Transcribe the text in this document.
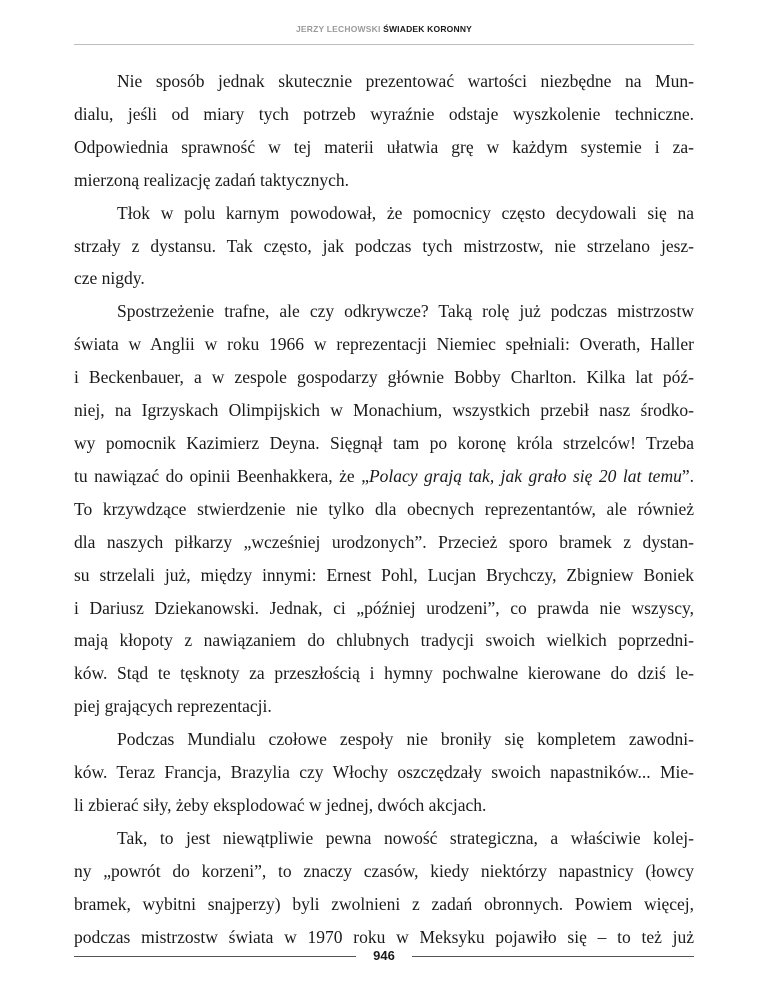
JERZY LECHOWSKI ŚWIADEK KORONNY

Nie sposób jednak skutecznie prezentować wartości niezbędne na Mun-
dialu, jeśli od miary tych potrzeb wyraźnie odstaje wyszkolenie techniczne.
Odpowiednia sprawność w tej materii ułatwia grę w każdym systemie i za-
mierzoną realizację zadań taktycznych.

Tłok w polu karnym powodował, że pomocnicy często decydowali się na
strzały z dystansu. Tak często, jak podczas tych mistrzostw, nie strzelano jesz-
cze nigdy.

Spostrzeżenie trafne, ale czy odkrywcze? Taką rolę już podczas mistrzostw
świata w Anglii w roku 1966 w reprezentacji Niemiec spełniali: Overath, Haller
i Beckenbauer, a w zespole gospodarzy głównie Bobby Charlton. Kilka lat póź-
niej, na Igrzyskach Olimpijskich w Monachium, wszystkich przebił nasz środko-
wy pomocnik Kazimierz Deyna. Sięgnął tam po koronę króla strzelców! Trzeba
tu nawiązać do opinii Beenhakkera, że „Polacy grają tak, jak grało się 20 lat temu”.
To krzywdzące stwierdzenie nie tylko dla obecnych reprezentantów, ale również
dla naszych piłkarzy „wcześniej urodzonych”. Przecież sporo bramek z dystan-
su strzelali już, między innymi: Ernest Pohl, Lucjan Brychczy, Zbigniew Boniek
i Dariusz Dziekanowski. Jednak, ci „później urodzeni”, co prawda nie wszyscy,
mają kłopoty z nawiązaniem do chlubnych tradycji swoich wielkich poprzedni-
ków. Stąd te tęsknoty za przeszłością i hymny pochwalne kierowane do dziś le-
piej grających reprezentacji.

Podczas Mundialu czołowe zespoły nie broniły się kompletem zawodni-
ków. Teraz Francja, Brazylia czy Włochy oszczędzały swoich napastników... Mie-
li zbierać siły, żeby eksplodować w jednej, dwóch akcjach.

Tak, to jest niewątpliwie pewna nowość strategiczna, a właściwie kolej-
ny „powrót do korzeni”, to znaczy czasów, kiedy niektórzy napastnicy (łowcy
bramek, wybitni snajperzy) byli zwolnieni z zadań obronnych. Powiem więcej,
podczas mistrzostw świata w 1970 roku w Meksyku pojawiło się – to też już

946
